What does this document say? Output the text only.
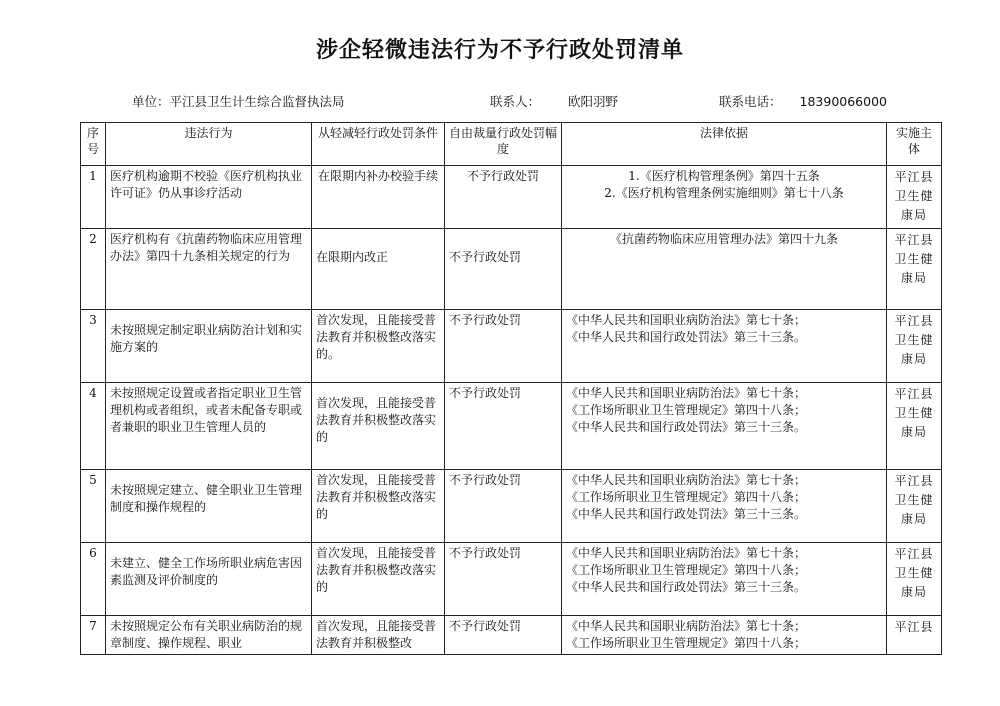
涉企轻微违法行为不予行政处罚清单
单位：平江县卫生计生综合监督执法局	联系人： 欧阳羽野	联系电话： 18390066000
序号	违法行为	从轻减轻行政处罚条件	自由裁量行政处罚幅度	法律依据	实施主体
1	医疗机构逾期不校验《医疗机构执业许可证》仍从事诊疗活动	在限期内补办校验手续	不予行政处罚	1.《医疗机构管理条例》第四十五条
2.《医疗机构管理条例实施细则》第七十八条	平江县卫生健康局
2	医疗机构有《抗菌药物临床应用管理办法》第四十九条相关规定的行为	在限期内改正	不予行政处罚	《抗菌药物临床应用管理办法》第四十九条	平江县卫生健康局
3	未按照规定制定职业病防治计划和实施方案的	首次发现，且能接受普法教育并积极整改落实的。	不予行政处罚	《中华人民共和国职业病防治法》第七十条；
《中华人民共和国行政处罚法》第三十三条。	平江县卫生健康局
4	未按照规定设置或者指定职业卫生管理机构或者组织，或者未配备专职或者兼职的职业卫生管理人员的	首次发现，且能接受普法教育并积极整改落实的	不予行政处罚	《中华人民共和国职业病防治法》第七十条；
《工作场所职业卫生管理规定》第四十八条；
《中华人民共和国行政处罚法》第三十三条。	平江县卫生健康局
5	未按照规定建立、健全职业卫生管理制度和操作规程的	首次发现，且能接受普法教育并积极整改落实的	不予行政处罚	《中华人民共和国职业病防治法》第七十条；
《工作场所职业卫生管理规定》第四十八条；
《中华人民共和国行政处罚法》第三十三条。	平江县卫生健康局
6	未建立、健全工作场所职业病危害因素监测及评价制度的	首次发现，且能接受普法教育并积极整改落实的	不予行政处罚	《中华人民共和国职业病防治法》第七十条；
《工作场所职业卫生管理规定》第四十八条；
《中华人民共和国行政处罚法》第三十三条。	平江县卫生健康局
7	未按照规定公布有关职业病防治的规章制度、操作规程、职业	首次发现，且能接受普法教育并积极整改	不予行政处罚	《中华人民共和国职业病防治法》第七十条；
《工作场所职业卫生管理规定》第四十八条；	平江县
